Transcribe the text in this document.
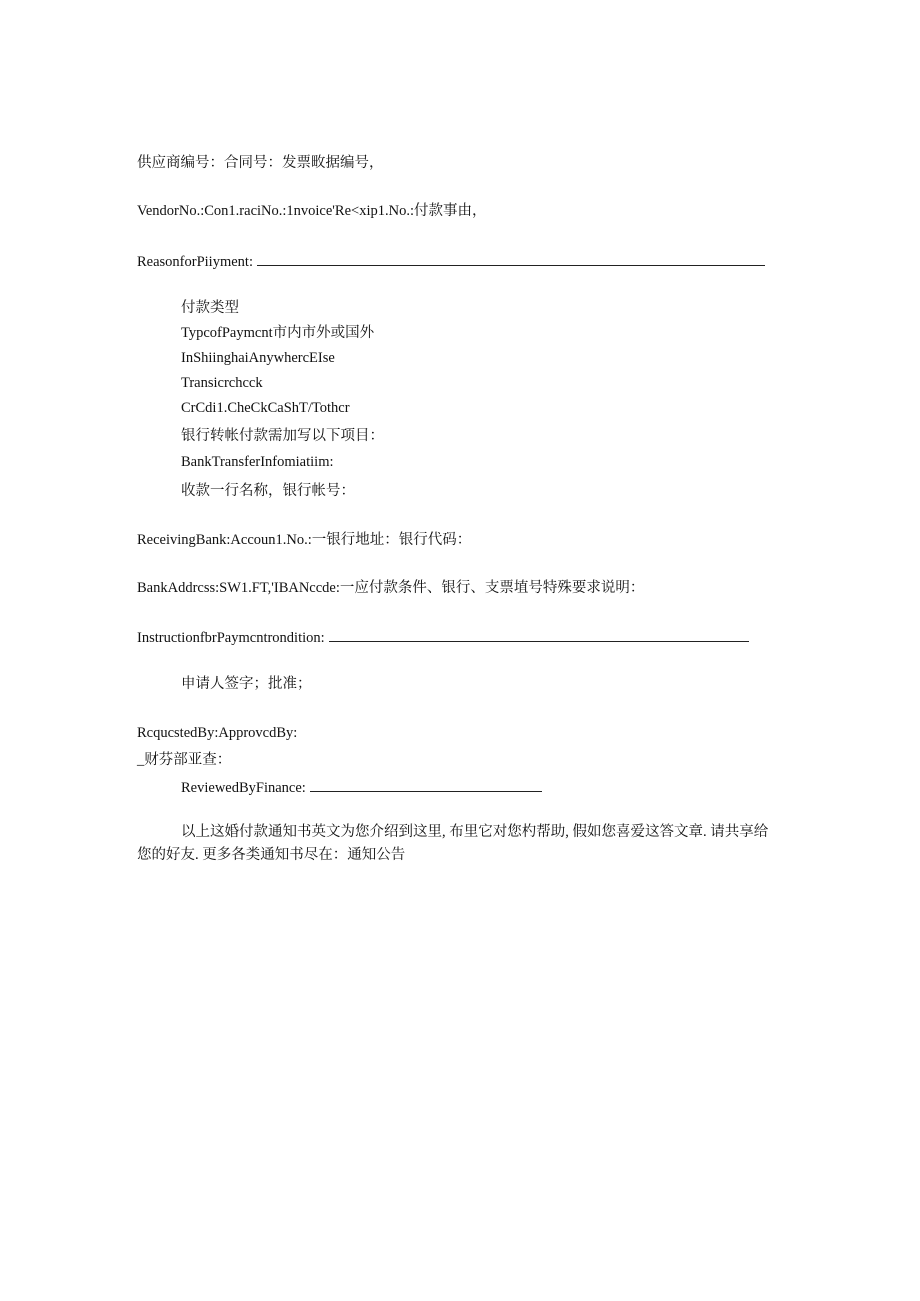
供应商编号：合同号：发票畋据编号，
VendorNo.:Con1.raciNo.:1nvoice'Re<xip1.No.:付款事由，
ReasonforPiiyment:
付款类型
TypcofPaymcnt市内市外或国外
InShiinghaiAnywhercEIse
Transicrchcck
CrCdi1.CheCkCaShT/Tothcr
银行转帐付款需加写以下项目：
BankTransferInfomiatiim:
收款一行名称，银行帐号：
ReceivingBank:Accoun1.No.:一银行地址：银行代码：
BankAddrcss:SW1.FT,'IBANccde:一应付款条件、银行、支票埴号特殊要求说明：
InstructionfbrPaymcntrondition:
申请人签字；批准；
RcqucstedBy:ApprovcdBy:
_财芬部亚查：
ReviewedByFinance:
以上这婚付款通知书英文为您介绍到这里, 布里它对您杓帮助, 假如您喜爱这答文章. 请共享给您的好友. 更多各类通知书尽在：通知公告
